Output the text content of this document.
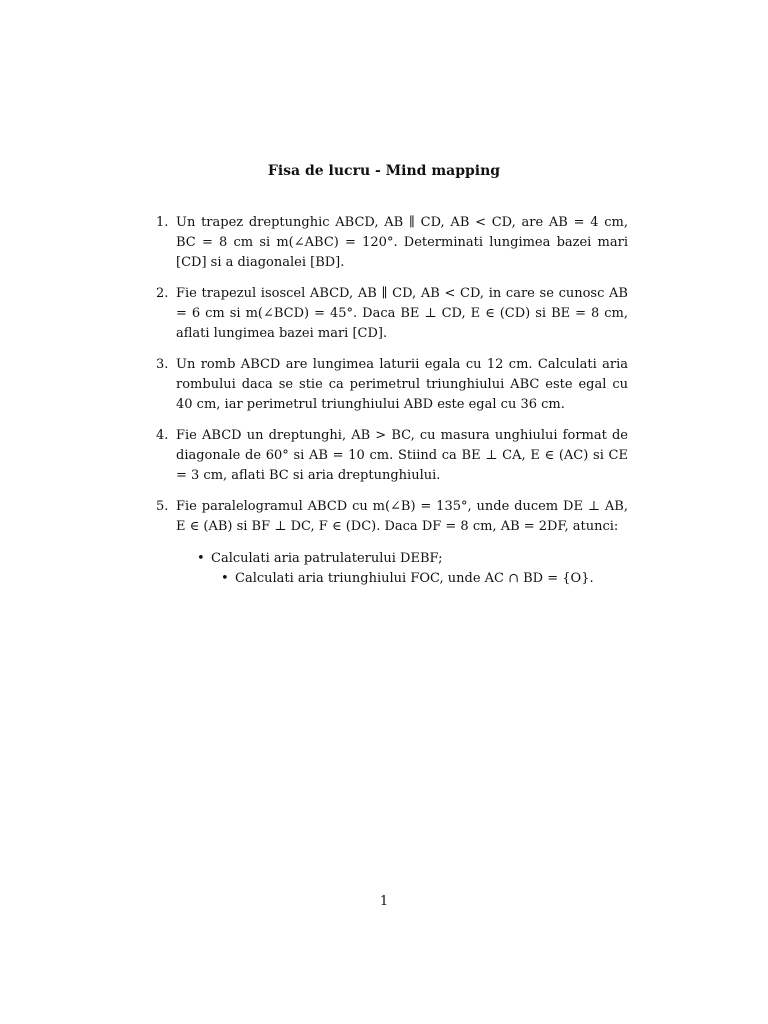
Fisa de lucru - Mind mapping
1. Un trapez dreptunghic ABCD, AB ∥ CD, AB < CD, are AB = 4 cm, BC = 8 cm si m(∠ABC) = 120°. Determinati lungimea bazei mari [CD] si a diagonalei [BD].
2. Fie trapezul isoscel ABCD, AB ∥ CD, AB < CD, in care se cunosc AB = 6 cm si m(∠BCD) = 45°. Daca BE ⊥ CD, E ∈ (CD) si BE = 8 cm, aflati lungimea bazei mari [CD].
3. Un romb ABCD are lungimea laturii egala cu 12 cm. Calculati aria rombului daca se stie ca perimetrul triunghiului ABC este egal cu 40 cm, iar perimetrul triunghiului ABD este egal cu 36 cm.
4. Fie ABCD un dreptunghi, AB > BC, cu masura unghiului format de diagonale de 60° si AB = 10 cm. Stiind ca BE ⊥ CA, E ∈ (AC) si CE = 3 cm, aflati BC si aria dreptunghiului.
5. Fie paralelogramul ABCD cu m(∠B) = 135°, unde ducem DE ⊥ AB, E ∈ (AB) si BF ⊥ DC, F ∈ (DC). Daca DF = 8 cm, AB = 2DF, atunci:
• Calculati aria patrulaterului DEBF;
• Calculati aria triunghiului FOC, unde AC ∩ BD = {O}.
1
